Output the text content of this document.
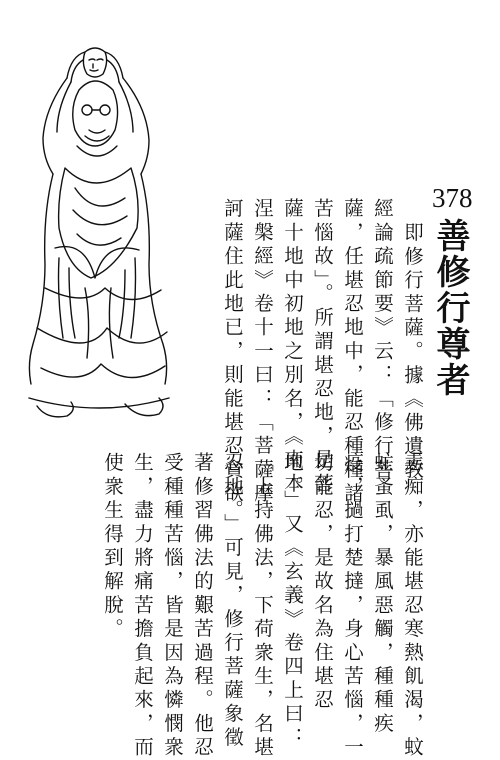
378
善修行尊者
即修行菩薩。據《佛遺教
經論疏節要》云：「修行菩
薩，任堪忍地中，能忍種種諸
苦惱故」。所謂堪忍地，是菩
薩十地中初地之別名，《南本
涅槃經》卷十一曰：「菩薩摩
訶薩住此地已，則能堪忍貪欲
恚痴，亦能堪忍寒熱飢渴，蚊
虻蚤虱，暴風惡觸，種種疾
疫，撾打楚撻，身心苦惱，一
切能忍，是故名為住堪忍
地。」又《玄義》卷四上曰：
「上持佛法，下荷衆生，名堪
忍地。」可見，修行菩薩象徵
著修習佛法的艱苦過程。他忍
受種種苦惱，皆是因為憐憫衆
生，盡力將痛苦擔負起來，而
使衆生得到解脫。
